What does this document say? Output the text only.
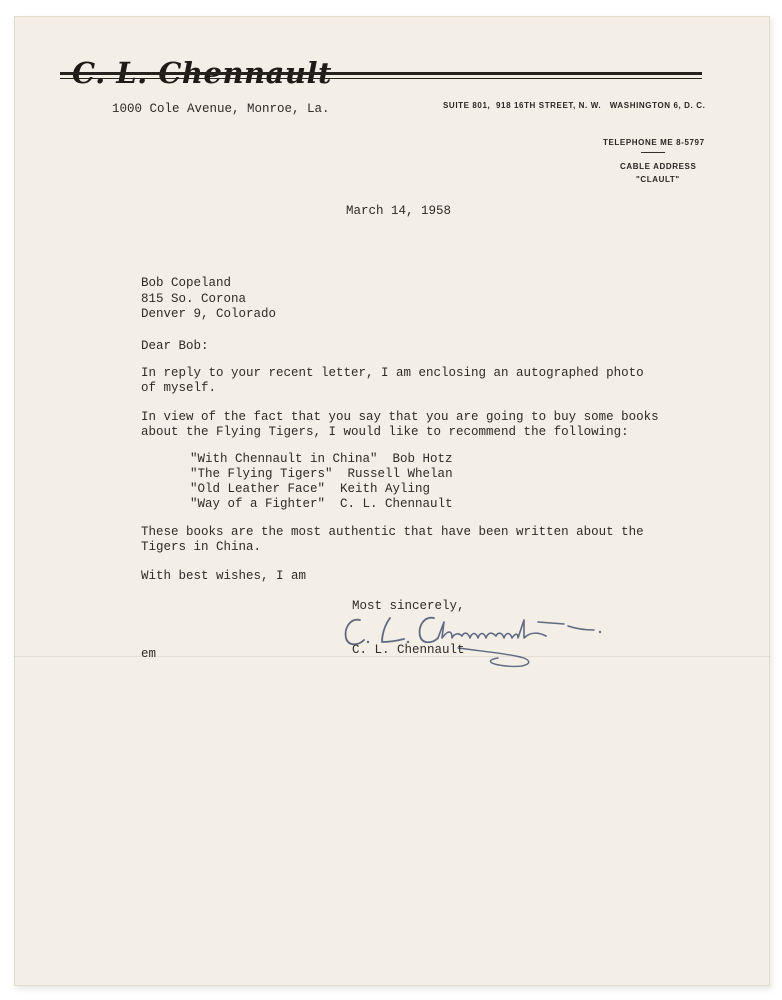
C. L. Chennault
1000 Cole Avenue, Monroe, La.	SUITE 801,  918 16TH STREET, N. W.   WASHINGTON 6, D. C.
TELEPHONE ME 8-5797
CABLE ADDRESS
"CLAULT"
March 14, 1958
Bob Copeland
815 So. Corona
Denver 9, Colorado
Dear Bob:
In reply to your recent letter, I am enclosing an autographed photo
of myself.
In view of the fact that you say that you are going to buy some books
about the Flying Tigers, I would like to recommend the following:
"With Chennault in China" Bob Hotz
"The Flying Tigers" Russell Whelan
"Old Leather Face" Keith Ayling
"Way of a Fighter" C. L. Chennault
These books are the most authentic that have been written about the
Tigers in China.
With best wishes, I am
Most sincerely,
C. L. Chennault
em
